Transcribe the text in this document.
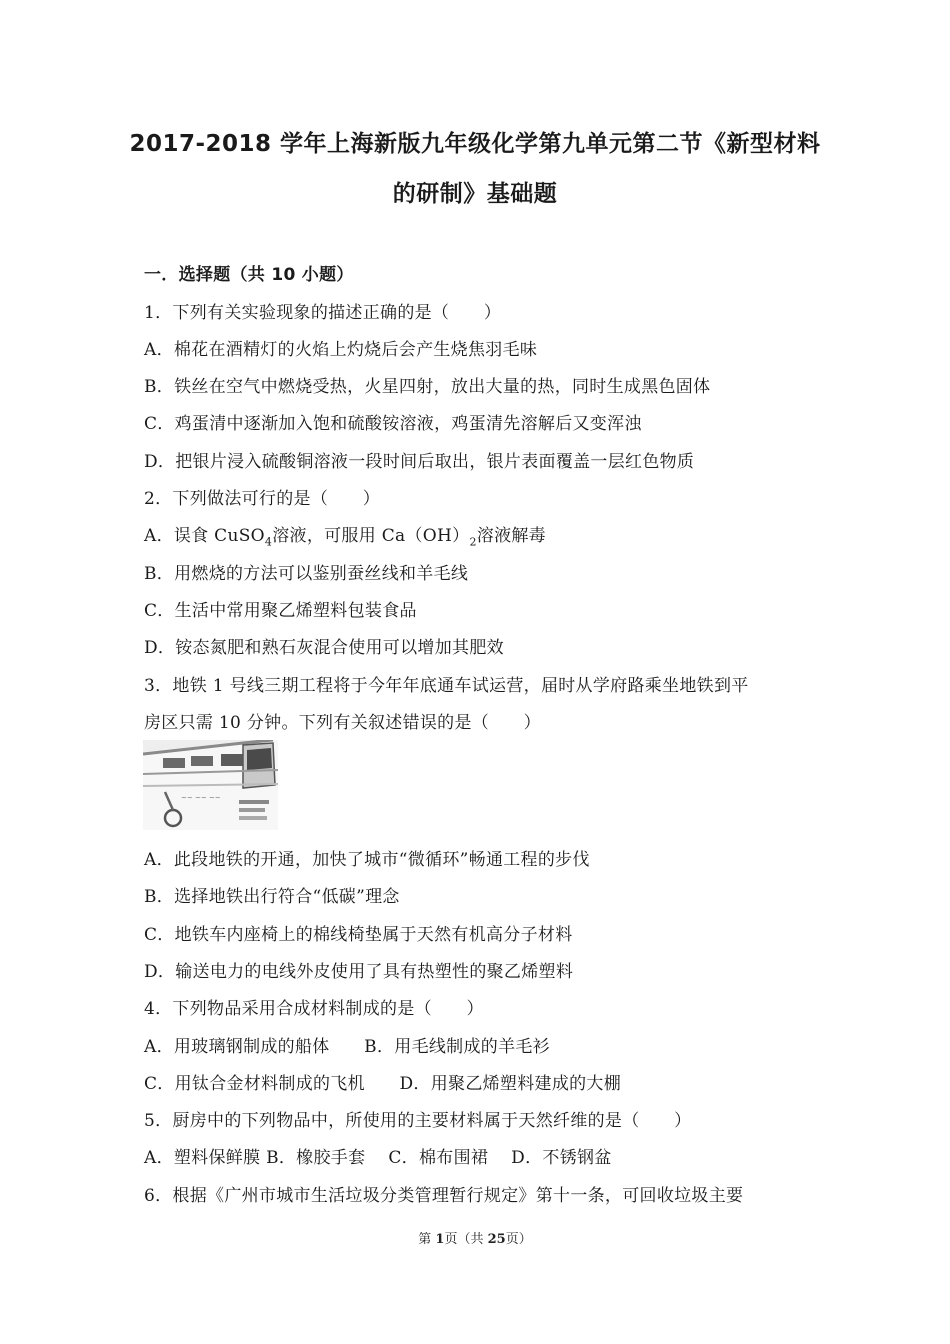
2017-2018 学年上海新版九年级化学第九单元第二节《新型材料
的研制》基础题
一．选择题（共 10 小题）
1．下列有关实验现象的描述正确的是（　　）
A．棉花在酒精灯的火焰上灼烧后会产生烧焦羽毛味
B．铁丝在空气中燃烧受热，火星四射，放出大量的热，同时生成黑色固体
C．鸡蛋清中逐渐加入饱和硫酸铵溶液，鸡蛋清先溶解后又变浑浊
D．把银片浸入硫酸铜溶液一段时间后取出，银片表面覆盖一层红色物质
2．下列做法可行的是（　　）
A．误食 CuSO$_4$溶液，可服用 $Ca(OH)_2$溶液解毒
B．用燃烧的方法可以鉴别蚕丝线和羊毛线
C．生活中常用聚乙烯塑料包装食品
D．铵态氮肥和熟石灰混合使用可以增加其肥效
3．地铁 1 号线三期工程将于今年年底通车试运营，届时从学府路乘坐地铁到平
房区只需 10 分钟。下列有关叙述错误的是（　　）
~~ ~~ ~~
A．此段地铁的开通，加快了城市“微循环”畅通工程的步伐
B．选择地铁出行符合“低碳”理念
C．地铁车内座椅上的棉线椅垫属于天然有机高分子材料
D．输送电力的电线外皮使用了具有热塑性的聚乙烯塑料
4．下列物品采用合成材料制成的是（　　）
A．用玻璃钢制成的船体　　B．用毛线制成的羊毛衫
C．用钛合金材料制成的飞机　　D．用聚乙烯塑料建成的大棚
5．厨房中的下列物品中，所使用的主要材料属于天然纤维的是（　　）
A．塑料保鲜膜 B．橡胶手套　 C．棉布围裙　 D．不锈钢盆
6．根据《广州市城市生活垃圾分类管理暂行规定》第十一条，可回收垃圾主要
第 1页（共 25页）
